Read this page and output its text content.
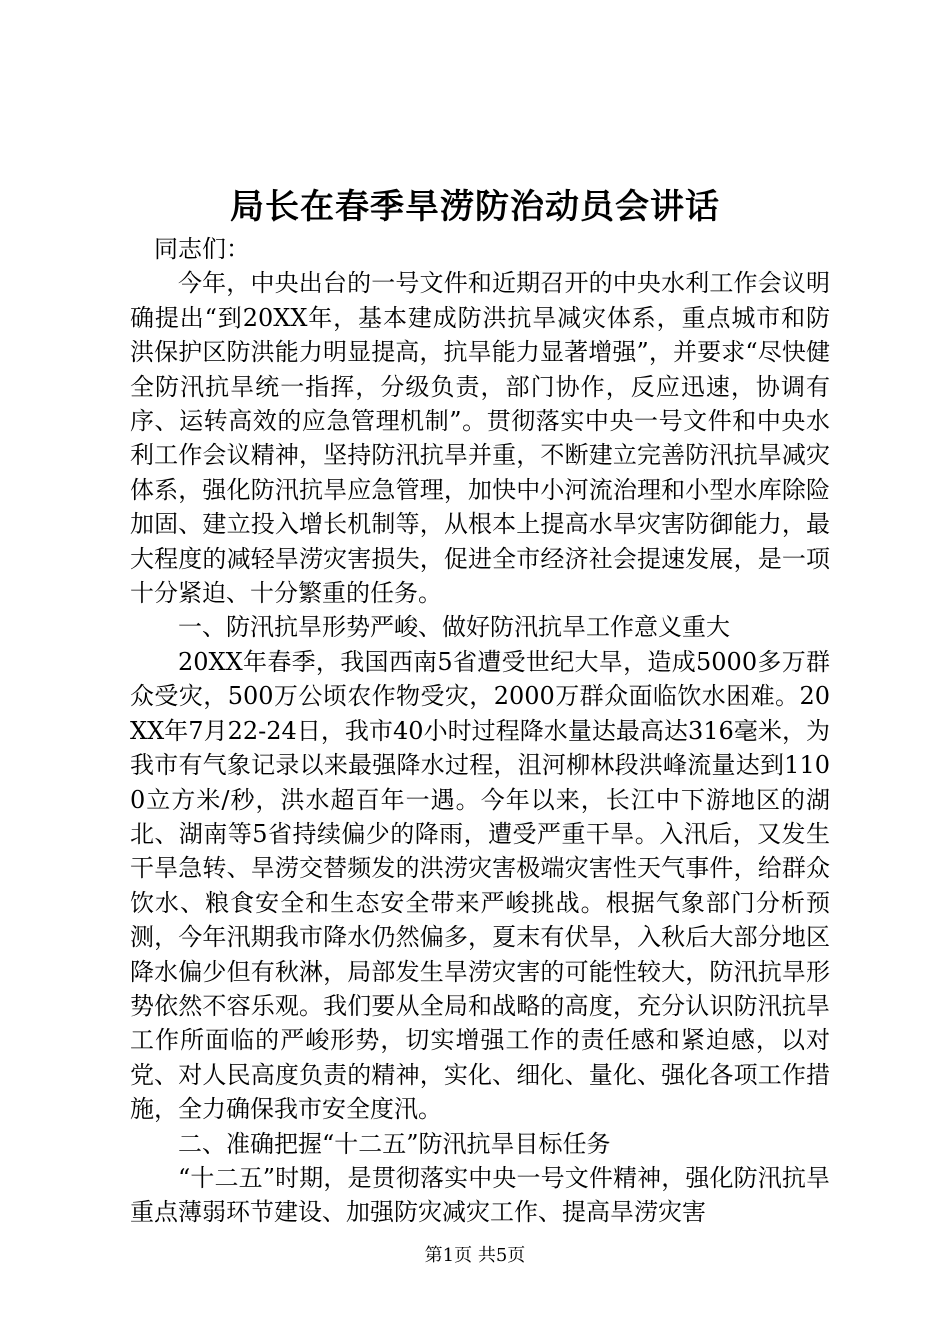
局长在春季旱涝防治动员会讲话

同志们：

今年，中央出台的一号文件和近期召开的中央水利工作会议明确提出“到20XX年，基本建成防洪抗旱减灾体系，重点城市和防洪保护区防洪能力明显提高，抗旱能力显著增强”，并要求“尽快健全防汛抗旱统一指挥，分级负责，部门协作，反应迅速，协调有序、运转高效的应急管理机制”。贯彻落实中央一号文件和中央水利工作会议精神，坚持防汛抗旱并重，不断建立完善防汛抗旱减灾体系，强化防汛抗旱应急管理，加快中小河流治理和小型水库除险加固、建立投入增长机制等，从根本上提高水旱灾害防御能力，最大程度的减轻旱涝灾害损失，促进全市经济社会提速发展，是一项十分紧迫、十分繁重的任务。

一、防汛抗旱形势严峻、做好防汛抗旱工作意义重大

20XX年春季，我国西南5省遭受世纪大旱，造成5000多万群众受灾，500万公顷农作物受灾，2000万群众面临饮水困难。20XX年7月22-24日，我市40小时过程降水量达最高达316毫米，为我市有气象记录以来最强降水过程，沮河柳林段洪峰流量达到1100立方米/秒，洪水超百年一遇。今年以来，长江中下游地区的湖北、湖南等5省持续偏少的降雨，遭受严重干旱。入汛后，又发生干旱急转、旱涝交替频发的洪涝灾害极端灾害性天气事件，给群众饮水、粮食安全和生态安全带来严峻挑战。根据气象部门分析预测，今年汛期我市降水仍然偏多，夏末有伏旱，入秋后大部分地区降水偏少但有秋淋，局部发生旱涝灾害的可能性较大，防汛抗旱形势依然不容乐观。我们要从全局和战略的高度，充分认识防汛抗旱工作所面临的严峻形势，切实增强工作的责任感和紧迫感，以对党、对人民高度负责的精神，实化、细化、量化、强化各项工作措施，全力确保我市安全度汛。

二、准确把握“十二五”防汛抗旱目标任务

“十二五”时期，是贯彻落实中央一号文件精神，强化防汛抗旱重点薄弱环节建设、加强防灾减灾工作、提高旱涝灾害

第1页 共5页
